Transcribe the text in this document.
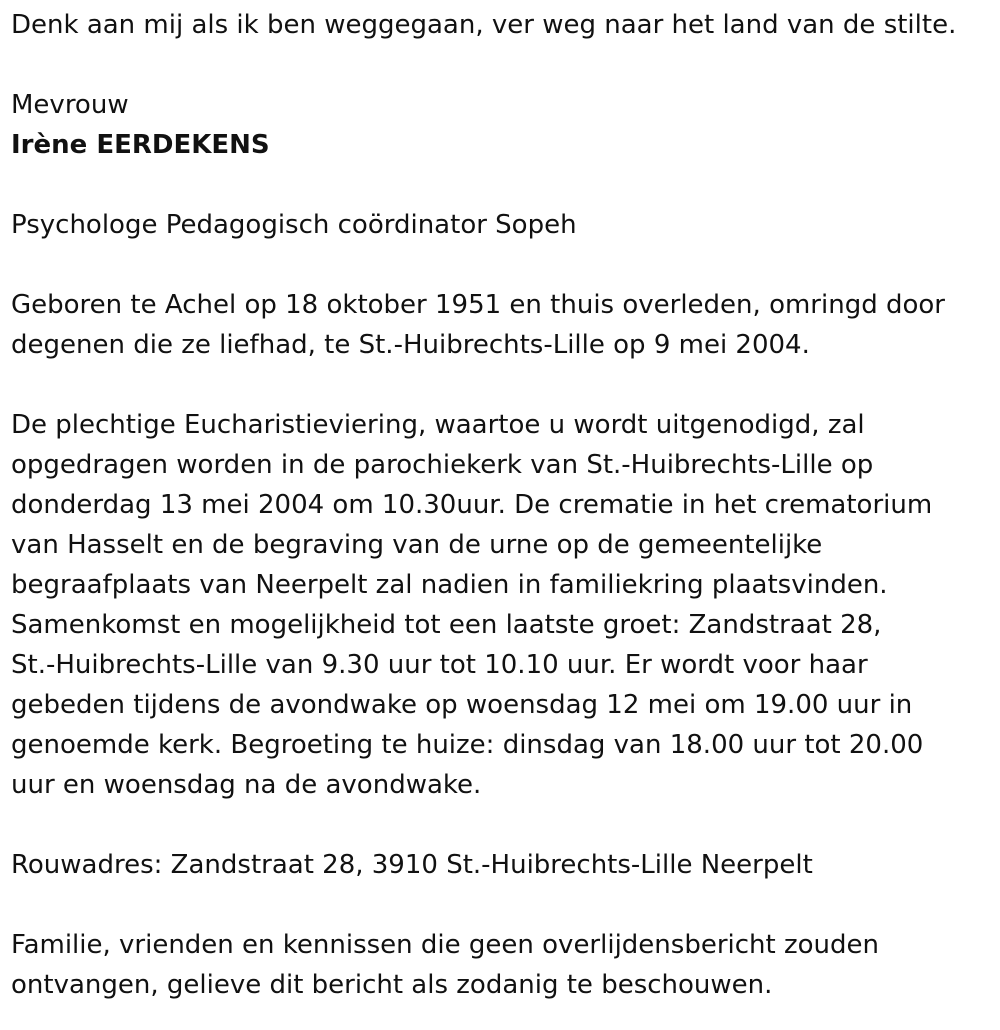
Denk aan mij als ik ben weggegaan, ver weg naar het land van de stilte.

Mevrouw

Irène EERDEKENS

Psychologe Pedagogisch coördinator Sopeh

Geboren te Achel op 18 oktober 1951 en thuis overleden, omringd door

degenen die ze liefhad, te St.-Huibrechts-Lille op 9 mei 2004.

De plechtige Eucharistieviering, waartoe u wordt uitgenodigd, zal

opgedragen worden in de parochiekerk van St.-Huibrechts-Lille op

donderdag 13 mei 2004 om 10.30uur. De crematie in het crematorium

van Hasselt en de begraving van de urne op de gemeentelijke

begraafplaats van Neerpelt zal nadien in familiekring plaatsvinden.

Samenkomst en mogelijkheid tot een laatste groet: Zandstraat 28,

St.-Huibrechts-Lille van 9.30 uur tot 10.10 uur. Er wordt voor haar

gebeden tijdens de avondwake op woensdag 12 mei om 19.00 uur in

genoemde kerk. Begroeting te huize: dinsdag van 18.00 uur tot 20.00

uur en woensdag na de avondwake.

Rouwadres: Zandstraat 28, 3910 St.-Huibrechts-Lille Neerpelt

Familie, vrienden en kennissen die geen overlijdensbericht zouden

ontvangen, gelieve dit bericht als zodanig te beschouwen.
